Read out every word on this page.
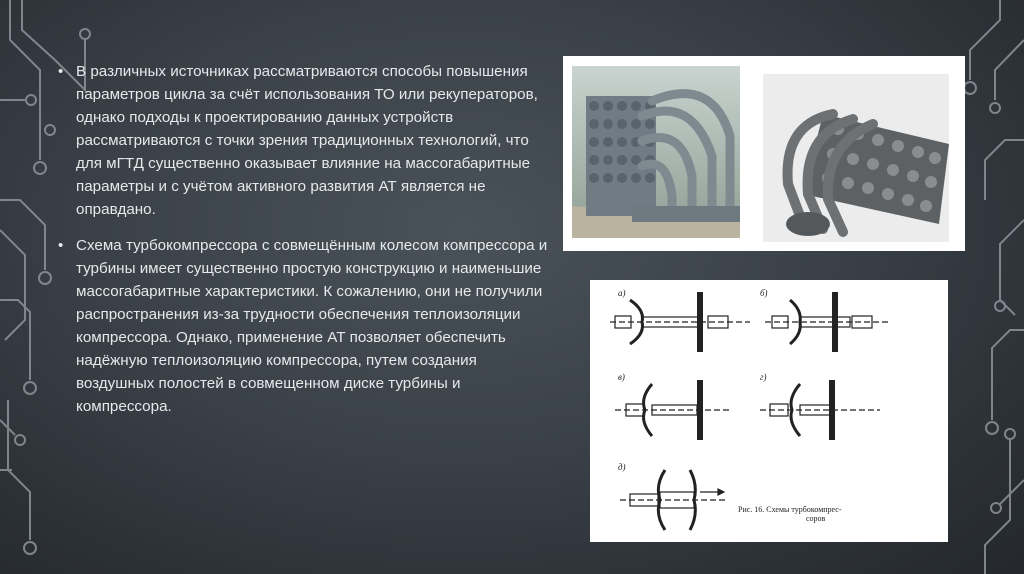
• В различных источниках рассматриваются способы повышения параметров цикла за счёт использования ТО или рекуператоров, однако подходы к проектированию данных устройств рассматриваются с точки зрения традиционных технологий, что для мГТД существенно оказывает влияние на массогабаритные параметры и с учётом активного развития АТ является не оправдано.

• Схема турбокомпрессора с совмещённым колесом компрессора и турбины имеет существенно простую конструкцию и наименьшие массогабаритные характеристики. К сожалению, они не получили распространения из-за трудности обеспечения теплоизоляции компрессора. Однако, применение АТ позволяет обеспечить надёжную теплоизоляцию компрессора, путем создания воздушных полостей в совмещенном диске турбины и компрессора.

а)	б)
в)	г)
д)
Рис. 16. Схемы турбокомпрес-
соров
